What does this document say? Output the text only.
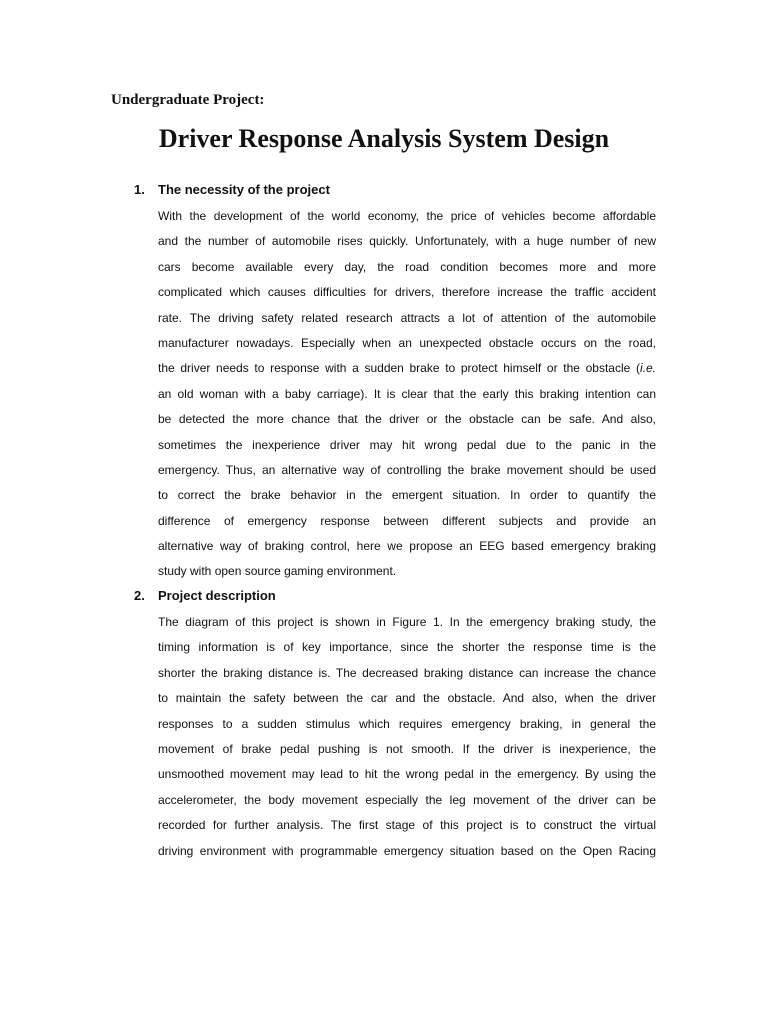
Undergraduate Project:
Driver Response Analysis System Design
1. The necessity of the project
With the development of the world economy, the price of vehicles become affordable
and the number of automobile rises quickly. Unfortunately, with a huge number of new
cars become available every day, the road condition becomes more and more
complicated which causes difficulties for drivers, therefore increase the traffic accident
rate. The driving safety related research attracts a lot of attention of the automobile
manufacturer nowadays. Especially when an unexpected obstacle occurs on the road,
the driver needs to response with a sudden brake to protect himself or the obstacle (i.e.
an old woman with a baby carriage). It is clear that the early this braking intention can
be detected the more chance that the driver or the obstacle can be safe. And also,
sometimes the inexperience driver may hit wrong pedal due to the panic in the
emergency. Thus, an alternative way of controlling the brake movement should be used
to correct the brake behavior in the emergent situation. In order to quantify the
difference of emergency response between different subjects and provide an
alternative way of braking control, here we propose an EEG based emergency braking
study with open source gaming environment.
2. Project description
The diagram of this project is shown in Figure 1. In the emergency braking study, the
timing information is of key importance, since the shorter the response time is the
shorter the braking distance is. The decreased braking distance can increase the chance
to maintain the safety between the car and the obstacle. And also, when the driver
responses to a sudden stimulus which requires emergency braking, in general the
movement of brake pedal pushing is not smooth. If the driver is inexperience, the
unsmoothed movement may lead to hit the wrong pedal in the emergency. By using the
accelerometer, the body movement especially the leg movement of the driver can be
recorded for further analysis. The first stage of this project is to construct the virtual
driving environment with programmable emergency situation based on the Open Racing
